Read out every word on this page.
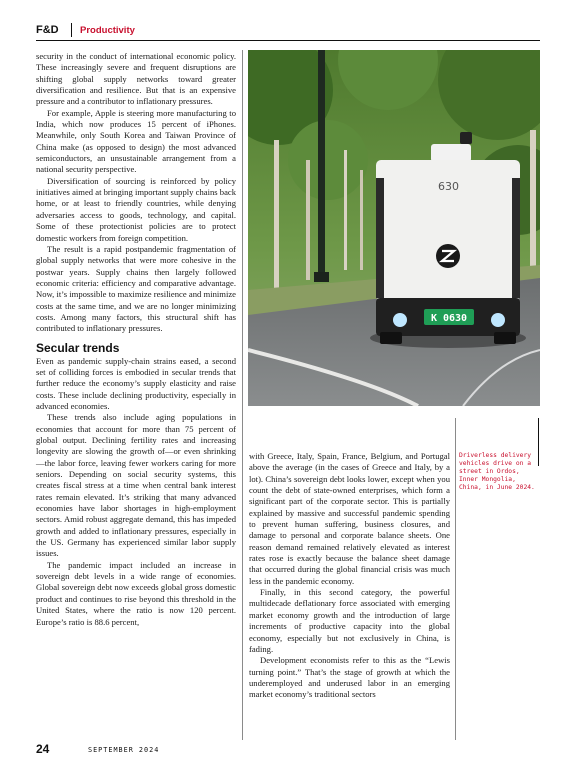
F&D Productivity

security in the conduct of international economic policy. These increasingly severe and frequent disruptions are shifting global supply networks toward greater diversification and resilience. But that is an expensive pressure and a contributor to inflationary pressures.

For example, Apple is steering more manufacturing to India, which now produces 15 percent of iPhones. Meanwhile, only South Korea and Taiwan Province of China make (as opposed to design) the most advanced semiconductors, an unsustainable arrangement from a national security perspective.

Diversification of sourcing is reinforced by policy initiatives aimed at bringing important supply chains back home, or at least to friendly countries, while denying adversaries access to goods, technology, and capital. Some of these protectionist policies are to protect domestic workers from foreign competition.

The result is a rapid postpandemic fragmentation of global supply networks that were more cohesive in the postwar years. Supply chains then largely followed economic criteria: efficiency and comparative advantage. Now, it’s impossible to maximize resilience and minimize costs at the same time, and we are no longer minimizing costs. Among many factors, this structural shift has contributed to inflationary pressures.

Secular trends

Even as pandemic supply-chain strains eased, a second set of colliding forces is embodied in secular trends that further reduce the economy’s supply elasticity and raise costs. These include declining productivity, especially in advanced economies.

These trends also include aging populations in economies that account for more than 75 percent of global output. Declining fertility rates and increasing longevity are slowing the growth of—or even shrinking—the labor force, leaving fewer workers caring for more seniors. Depending on social security systems, this creates fiscal stress at a time when central bank interest rates remain elevated. It’s striking that many advanced economies have labor shortages in high-employment sectors. Amid robust aggregate demand, this has impeded growth and added to inflationary pressures, especially in the US. Germany has experienced similar labor supply issues.

The pandemic impact included an increase in sovereign debt levels in a wide range of economies. Global sovereign debt now exceeds global gross domestic product and continues to rise beyond this threshold in the United States, where the ratio is now 120 percent. Europe’s ratio is 88.6 percent,

630
K 0630

with Greece, Italy, Spain, France, Belgium, and Portugal above the average (in the cases of Greece and Italy, by a lot). China’s sovereign debt looks lower, except when you count the debt of state-owned enterprises, which form a significant part of the corporate sector. This is partially explained by massive and successful pandemic spending to prevent human suffering, business closures, and damage to personal and corporate balance sheets. One reason demand remained relatively elevated as interest rates rose is exactly because the balance sheet damage that occurred during the global financial crisis was much less in the pandemic economy.

Finally, in this second category, the powerful multidecade deflationary force associated with emerging market economy growth and the introduction of large increments of productive capacity into the global economy, especially but not exclusively in China, is fading.

Development economists refer to this as the “Lewis turning point.” That’s the stage of growth at which the underemployed and underused labor in an emerging market economy’s traditional sectors

Driverless delivery vehicles drive on a street in Ordos, Inner Mongolia, China, in June 2024.
24	SEPTEMBER 2024
